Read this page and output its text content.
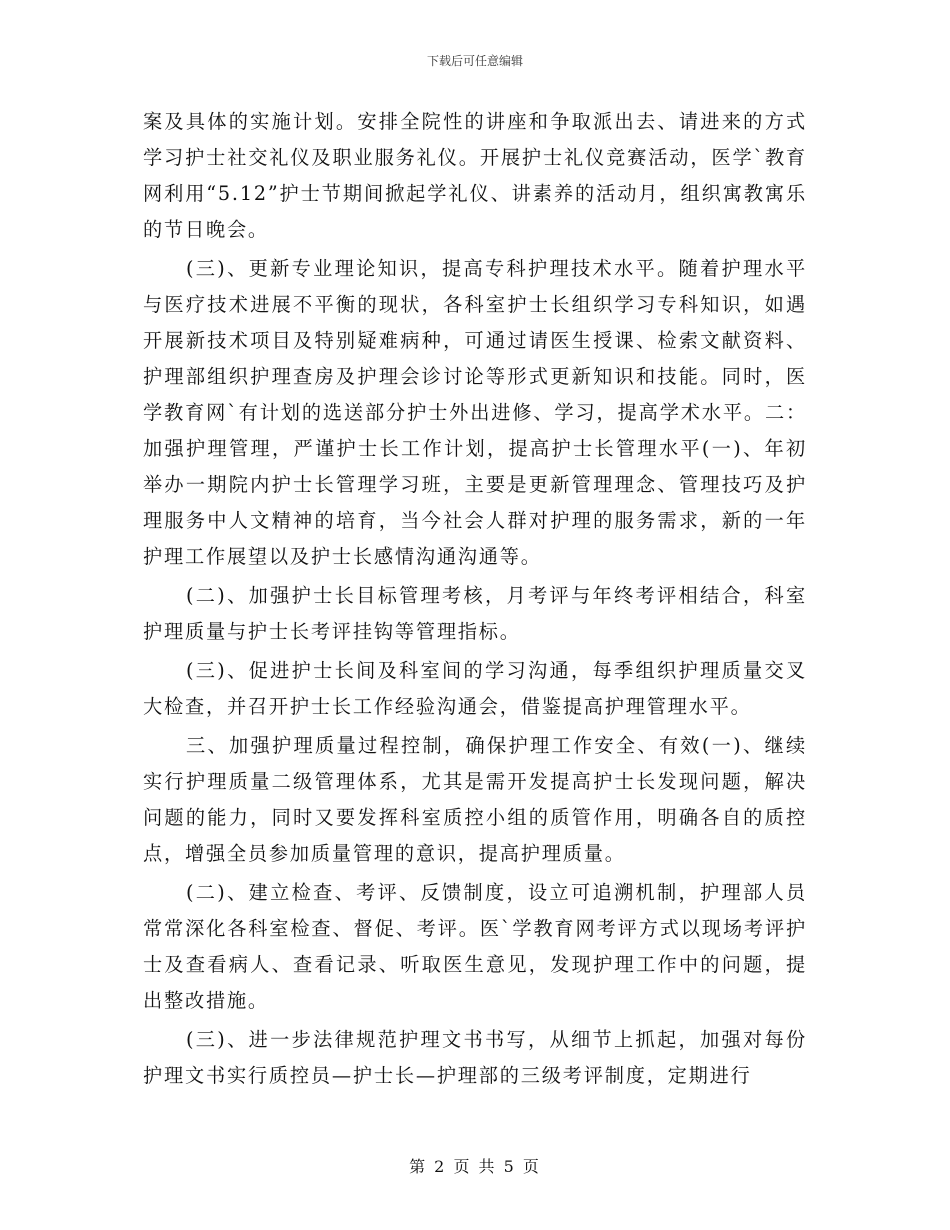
下载后可任意编辑

案及具体的实施计划。安排全院性的讲座和争取派出去、请进来的方式学习护士社交礼仪及职业服务礼仪。开展护士礼仪竞赛活动，医学`教育网利用“5.12”护士节期间掀起学礼仪、讲素养的活动月，组织寓教寓乐的节日晚会。

(三)、更新专业理论知识，提高专科护理技术水平。随着护理水平与医疗技术进展不平衡的现状，各科室护士长组织学习专科知识，如遇开展新技术项目及特别疑难病种，可通过请医生授课、检索文献资料、护理部组织护理查房及护理会诊讨论等形式更新知识和技能。同时，医学教育网`有计划的选送部分护士外出进修、学习，提高学术水平。二：加强护理管理，严谨护士长工作计划，提高护士长管理水平(一)、年初举办一期院内护士长管理学习班，主要是更新管理理念、管理技巧及护理服务中人文精神的培育，当今社会人群对护理的服务需求，新的一年护理工作展望以及护士长感情沟通沟通等。

(二)、加强护士长目标管理考核，月考评与年终考评相结合，科室护理质量与护士长考评挂钩等管理指标。

(三)、促进护士长间及科室间的学习沟通，每季组织护理质量交叉大检查，并召开护士长工作经验沟通会，借鉴提高护理管理水平。

三、加强护理质量过程控制，确保护理工作安全、有效(一)、继续实行护理质量二级管理体系，尤其是需开发提高护士长发现问题，解决问题的能力，同时又要发挥科室质控小组的质管作用，明确各自的质控点，增强全员参加质量管理的意识，提高护理质量。

(二)、建立检查、考评、反馈制度，设立可追溯机制，护理部人员常常深化各科室检查、督促、考评。医`学教育网考评方式以现场考评护士及查看病人、查看记录、听取医生意见，发现护理工作中的问题，提出整改措施。

(三)、进一步法律规范护理文书书写，从细节上抓起，加强对每份护理文书实行质控员—护士长—护理部的三级考评制度，定期进行

第 2 页 共 5 页
